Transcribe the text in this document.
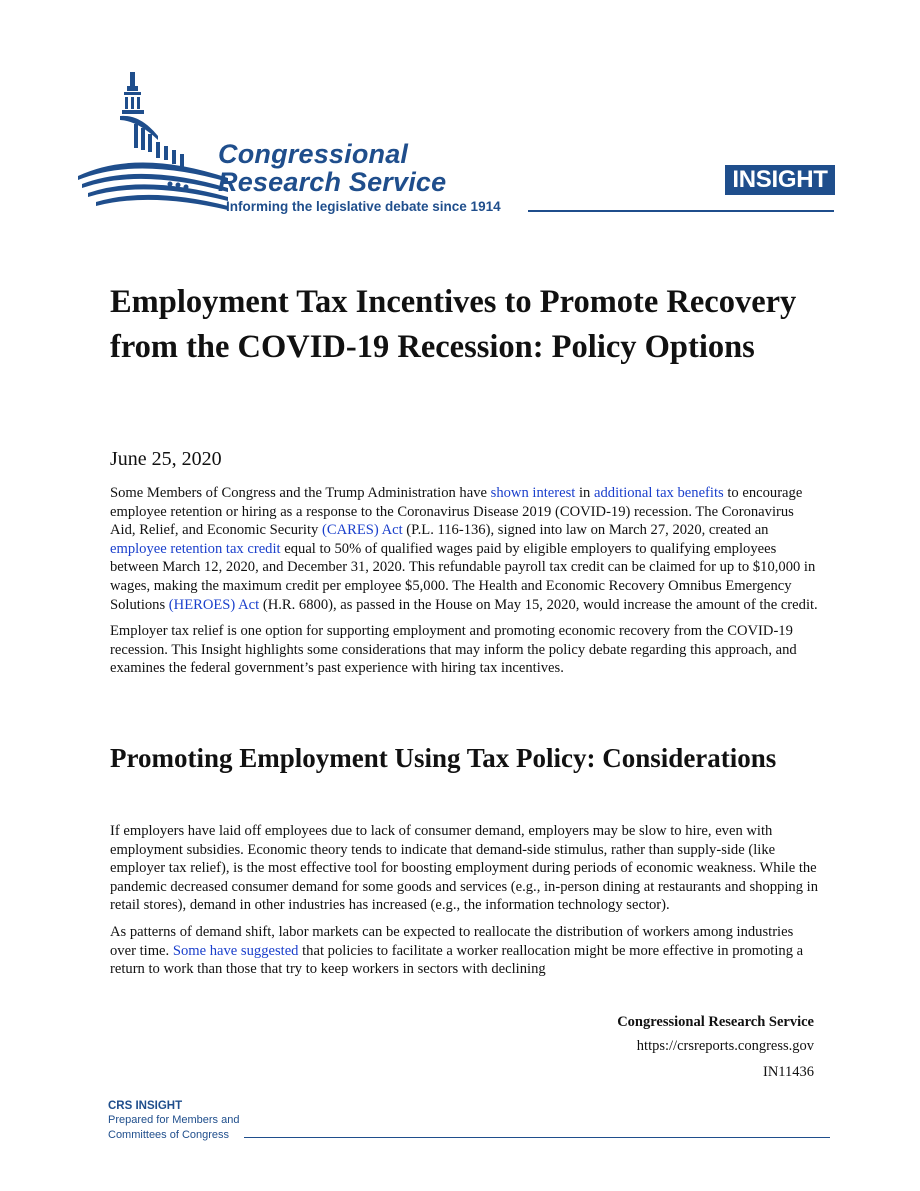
Congressional
Research Service
Informing the legislative debate since 1914
INSIGHT
Employment Tax Incentives to Promote Recovery from the COVID-19 Recession: Policy Options
June 25, 2020

Some Members of Congress and the Trump Administration have shown interest in additional tax benefits to encourage employee retention or hiring as a response to the Coronavirus Disease 2019 (COVID-19) recession. The Coronavirus Aid, Relief, and Economic Security (CARES) Act (P.L. 116-136), signed into law on March 27, 2020, created an employee retention tax credit equal to 50% of qualified wages paid by eligible employers to qualifying employees between March 12, 2020, and December 31, 2020. This refundable payroll tax credit can be claimed for up to $10,000 in wages, making the maximum credit per employee $5,000. The Health and Economic Recovery Omnibus Emergency Solutions (HEROES) Act (H.R. 6800), as passed in the House on May 15, 2020, would increase the amount of the credit.

Employer tax relief is one option for supporting employment and promoting economic recovery from the COVID-19 recession. This Insight highlights some considerations that may inform the policy debate regarding this approach, and examines the federal government’s past experience with hiring tax incentives.

Promoting Employment Using Tax Policy: Considerations

If employers have laid off employees due to lack of consumer demand, employers may be slow to hire, even with employment subsidies. Economic theory tends to indicate that demand-side stimulus, rather than supply-side (like employer tax relief), is the most effective tool for boosting employment during periods of economic weakness. While the pandemic decreased consumer demand for some goods and services (e.g., in-person dining at restaurants and shopping in retail stores), demand in other industries has increased (e.g., the information technology sector).

As patterns of demand shift, labor markets can be expected to reallocate the distribution of workers among industries over time. Some have suggested that policies to facilitate a worker reallocation might be more effective in promoting a return to work than those that try to keep workers in sectors with declining

Congressional Research Service
https://crsreports.congress.gov
IN11436
CRS INSIGHT
Prepared for Members and
Committees of Congress
